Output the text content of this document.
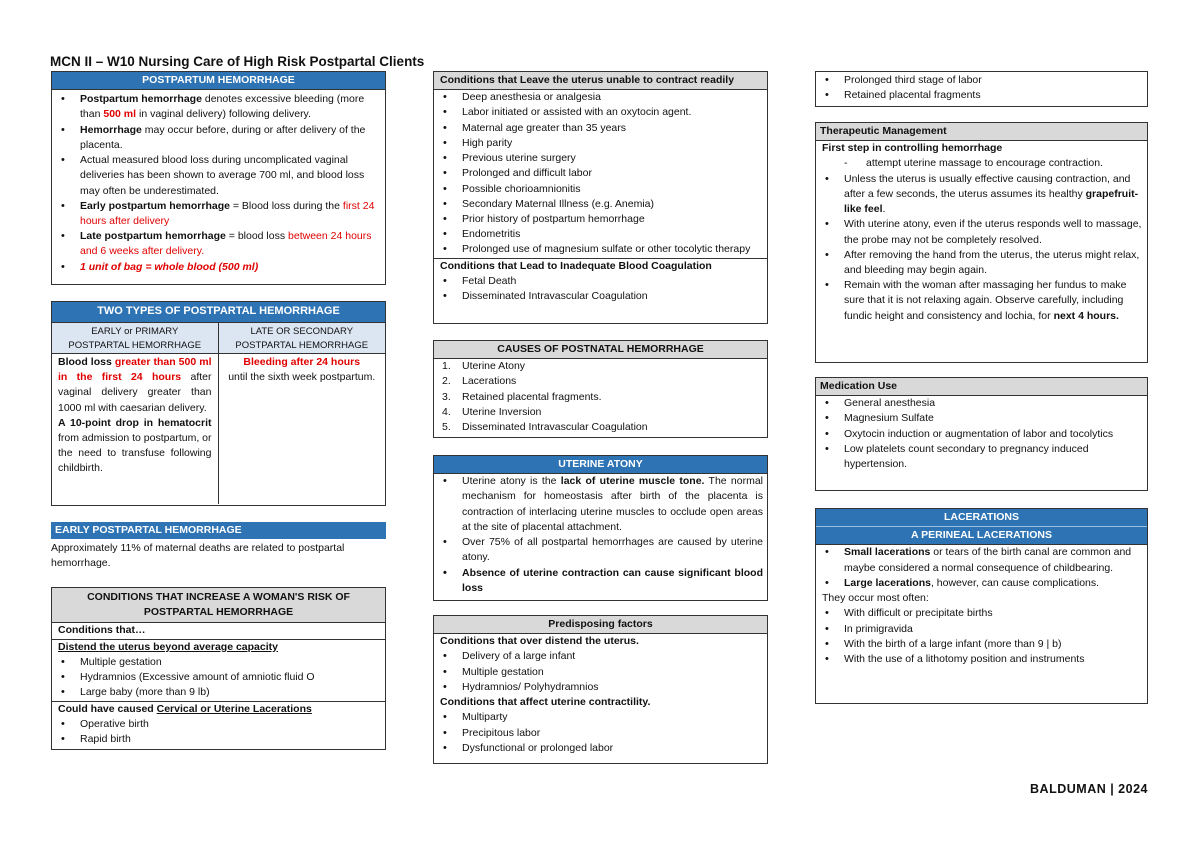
MCN II – W10 Nursing Care of High Risk Postpartal Clients
POSTPARTUM HEMORRHAGE
• Postpartum hemorrhage denotes excessive bleeding (more than 500 ml in vaginal delivery) following delivery.
• Hemorrhage may occur before, during or after delivery of the placenta.
• Actual measured blood loss during uncomplicated vaginal deliveries has been shown to average 700 ml, and blood loss may often be underestimated.
• Early postpartum hemorrhage = Blood loss during the first 24 hours after delivery
• Late postpartum hemorrhage = blood loss between 24 hours and 6 weeks after delivery.
• 1 unit of bag = whole blood (500 ml)
TWO TYPES OF POSTPARTAL HEMORRHAGE
EARLY or PRIMARY
POSTPARTAL HEMORRHAGE
LATE OR SECONDARY
POSTPARTAL HEMORRHAGE
Blood loss greater than 500 ml in the first 24 hours after vaginal delivery greater than 1000 ml with caesarian delivery.
A 10-point drop in hematocrit from admission to postpartum, or the need to transfuse following childbirth.
Bleeding after 24 hours
until the sixth week postpartum.
EARLY POSTPARTAL HEMORRHAGE
Approximately 11% of maternal deaths are related to postpartal hemorrhage.
CONDITIONS THAT INCREASE A WOMAN'S RISK OF POSTPARTAL HEMORRHAGE
Conditions that…
Distend the uterus beyond average capacity
• Multiple gestation
• Hydramnios (Excessive amount of amniotic fluid O
• Large baby (more than 9 lb)
Could have caused Cervical or Uterine Lacerations
• Operative birth
• Rapid birth
Conditions that Leave the uterus unable to contract readily
• Deep anesthesia or analgesia
• Labor initiated or assisted with an oxytocin agent.
• Maternal age greater than 35 years
• High parity
• Previous uterine surgery
• Prolonged and difficult labor
• Possible chorioamnionitis
• Secondary Maternal Illness (e.g. Anemia)
• Prior history of postpartum hemorrhage
• Endometritis
• Prolonged use of magnesium sulfate or other tocolytic therapy
Conditions that Lead to Inadequate Blood Coagulation
• Fetal Death
• Disseminated Intravascular Coagulation
CAUSES OF POSTNATAL HEMORRHAGE
1. Uterine Atony
2. Lacerations
3. Retained placental fragments.
4. Uterine Inversion
5. Disseminated Intravascular Coagulation
UTERINE ATONY
• Uterine atony is the lack of uterine muscle tone. The normal mechanism for homeostasis after birth of the placenta is contraction of interlacing uterine muscles to occlude open areas at the site of placental attachment.
• Over 75% of all postpartal hemorrhages are caused by uterine atony.
• Absence of uterine contraction can cause significant blood loss
Predisposing factors
Conditions that over distend the uterus.
• Delivery of a large infant
• Multiple gestation
• Hydramnios/ Polyhydramnios
Conditions that affect uterine contractility.
• Multiparty
• Precipitous labor
• Dysfunctional or prolonged labor
• Prolonged third stage of labor
• Retained placental fragments
Therapeutic Management
First step in controlling hemorrhage
- attempt uterine massage to encourage contraction.
• Unless the uterus is usually effective causing contraction, and after a few seconds, the uterus assumes its healthy grapefruit-like feel.
• With uterine atony, even if the uterus responds well to massage, the probe may not be completely resolved.
• After removing the hand from the uterus, the uterus might relax, and bleeding may begin again.
• Remain with the woman after massaging her fundus to make sure that it is not relaxing again. Observe carefully, including fundic height and consistency and lochia, for next 4 hours.
Medication Use
• General anesthesia
• Magnesium Sulfate
• Oxytocin induction or augmentation of labor and tocolytics
• Low platelets count secondary to pregnancy induced hypertension.
LACERATIONS
A PERINEAL LACERATIONS
• Small lacerations or tears of the birth canal are common and maybe considered a normal consequence of childbearing.
• Large lacerations, however, can cause complications.
They occur most often:
• With difficult or precipitate births
• In primigravida
• With the birth of a large infant (more than 9 | b)
• With the use of a lithotomy position and instruments
BALDUMAN | 2024
